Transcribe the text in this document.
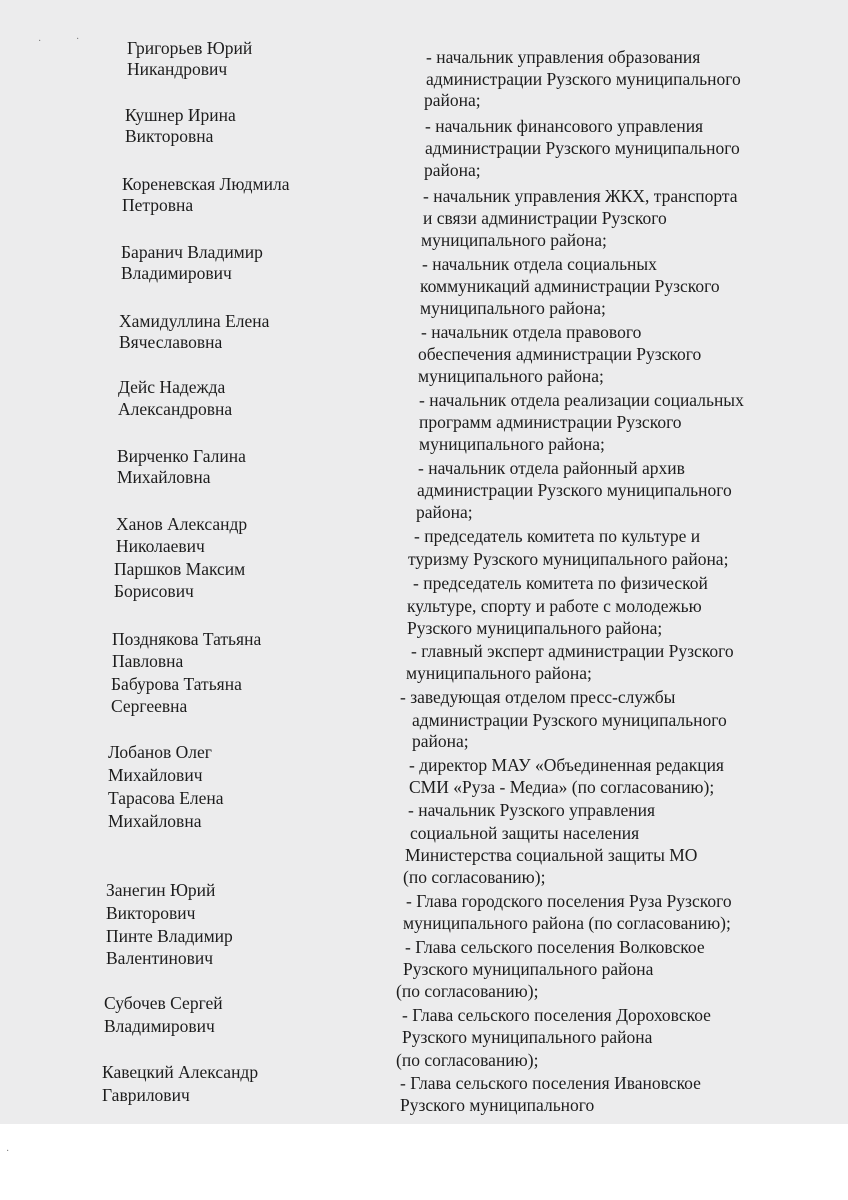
·	·
·
Григорьев Юрий
Никандрович
Кушнер Ирина
Викторовна
Кореневская Людмила
Петровна
Баранич Владимир
Владимирович
Хамидуллина Елена
Вячеславовна
Дейс Надежда
Александровна
Вирченко Галина
Михайловна
Ханов Александр
Николаевич
Паршков Максим
Борисович
Позднякова Татьяна
Павловна
Бабурова Татьяна
Сергеевна
Лобанов Олег
Михайлович
Тарасова Елена
Михайловна
Занегин Юрий
Викторович
Пинте Владимир
Валентинович
Субочев Сергей
Владимирович
Кавецкий Александр
Гаврилович
- начальник управления образования
администрации Рузского муниципального
района;
- начальник финансового управления
администрации Рузского муниципального
района;
- начальник управления ЖКХ, транспорта
и связи администрации Рузского
муниципального района;
- начальник отдела социальных
коммуникаций администрации Рузского
муниципального района;
- начальник отдела правового
обеспечения администрации Рузского
муниципального района;
- начальник отдела реализации социальных
программ администрации Рузского
муниципального района;
- начальник отдела районный архив
администрации Рузского муниципального
района;
- председатель комитета по культуре и
туризму Рузского муниципального района;
- председатель комитета по физической
культуре, спорту и работе с молодежью
Рузского муниципального района;
- главный эксперт администрации Рузского
муниципального района;
- заведующая отделом пресс-службы
администрации Рузского муниципального
района;
- директор МАУ «Объединенная редакция
СМИ «Руза - Медиа» (по согласованию);
- начальник Рузского управления
социальной защиты населения
Министерства социальной защиты МО
(по согласованию);
- Глава городского поселения Руза Рузского
муниципального района (по согласованию);
- Глава сельского поселения Волковское
Рузского муниципального района
(по согласованию);
- Глава сельского поселения Дороховское
Рузского муниципального района
(по согласованию);
- Глава сельского поселения Ивановское
Рузского муниципального
